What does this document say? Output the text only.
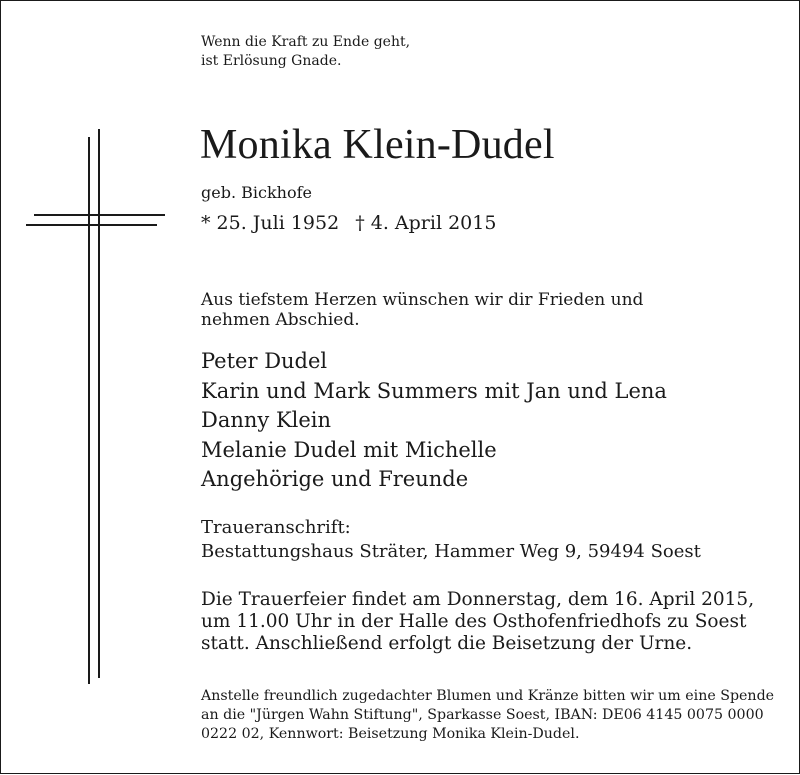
Wenn die Kraft zu Ende geht,
ist Erlösung Gnade.
Monika Klein-Dudel
geb. Bickhofe
* 25. Juli 1952 † 4. April 2015
Aus tiefstem Herzen wünschen wir dir Frieden und
nehmen Abschied.
Peter Dudel
Karin und Mark Summers mit Jan und Lena
Danny Klein
Melanie Dudel mit Michelle
Angehörige und Freunde
Traueranschrift:
Bestattungshaus Sträter, Hammer Weg 9, 59494 Soest
Die Trauerfeier findet am Donnerstag, dem 16. April 2015,
um 11.00 Uhr in der Halle des Osthofenfriedhofs zu Soest
statt. Anschließend erfolgt die Beisetzung der Urne.
Anstelle freundlich zugedachter Blumen und Kränze bitten wir um eine Spende
an die "Jürgen Wahn Stiftung", Sparkasse Soest, IBAN: DE06 4145 0075 0000
0222 02, Kennwort: Beisetzung Monika Klein-Dudel.
